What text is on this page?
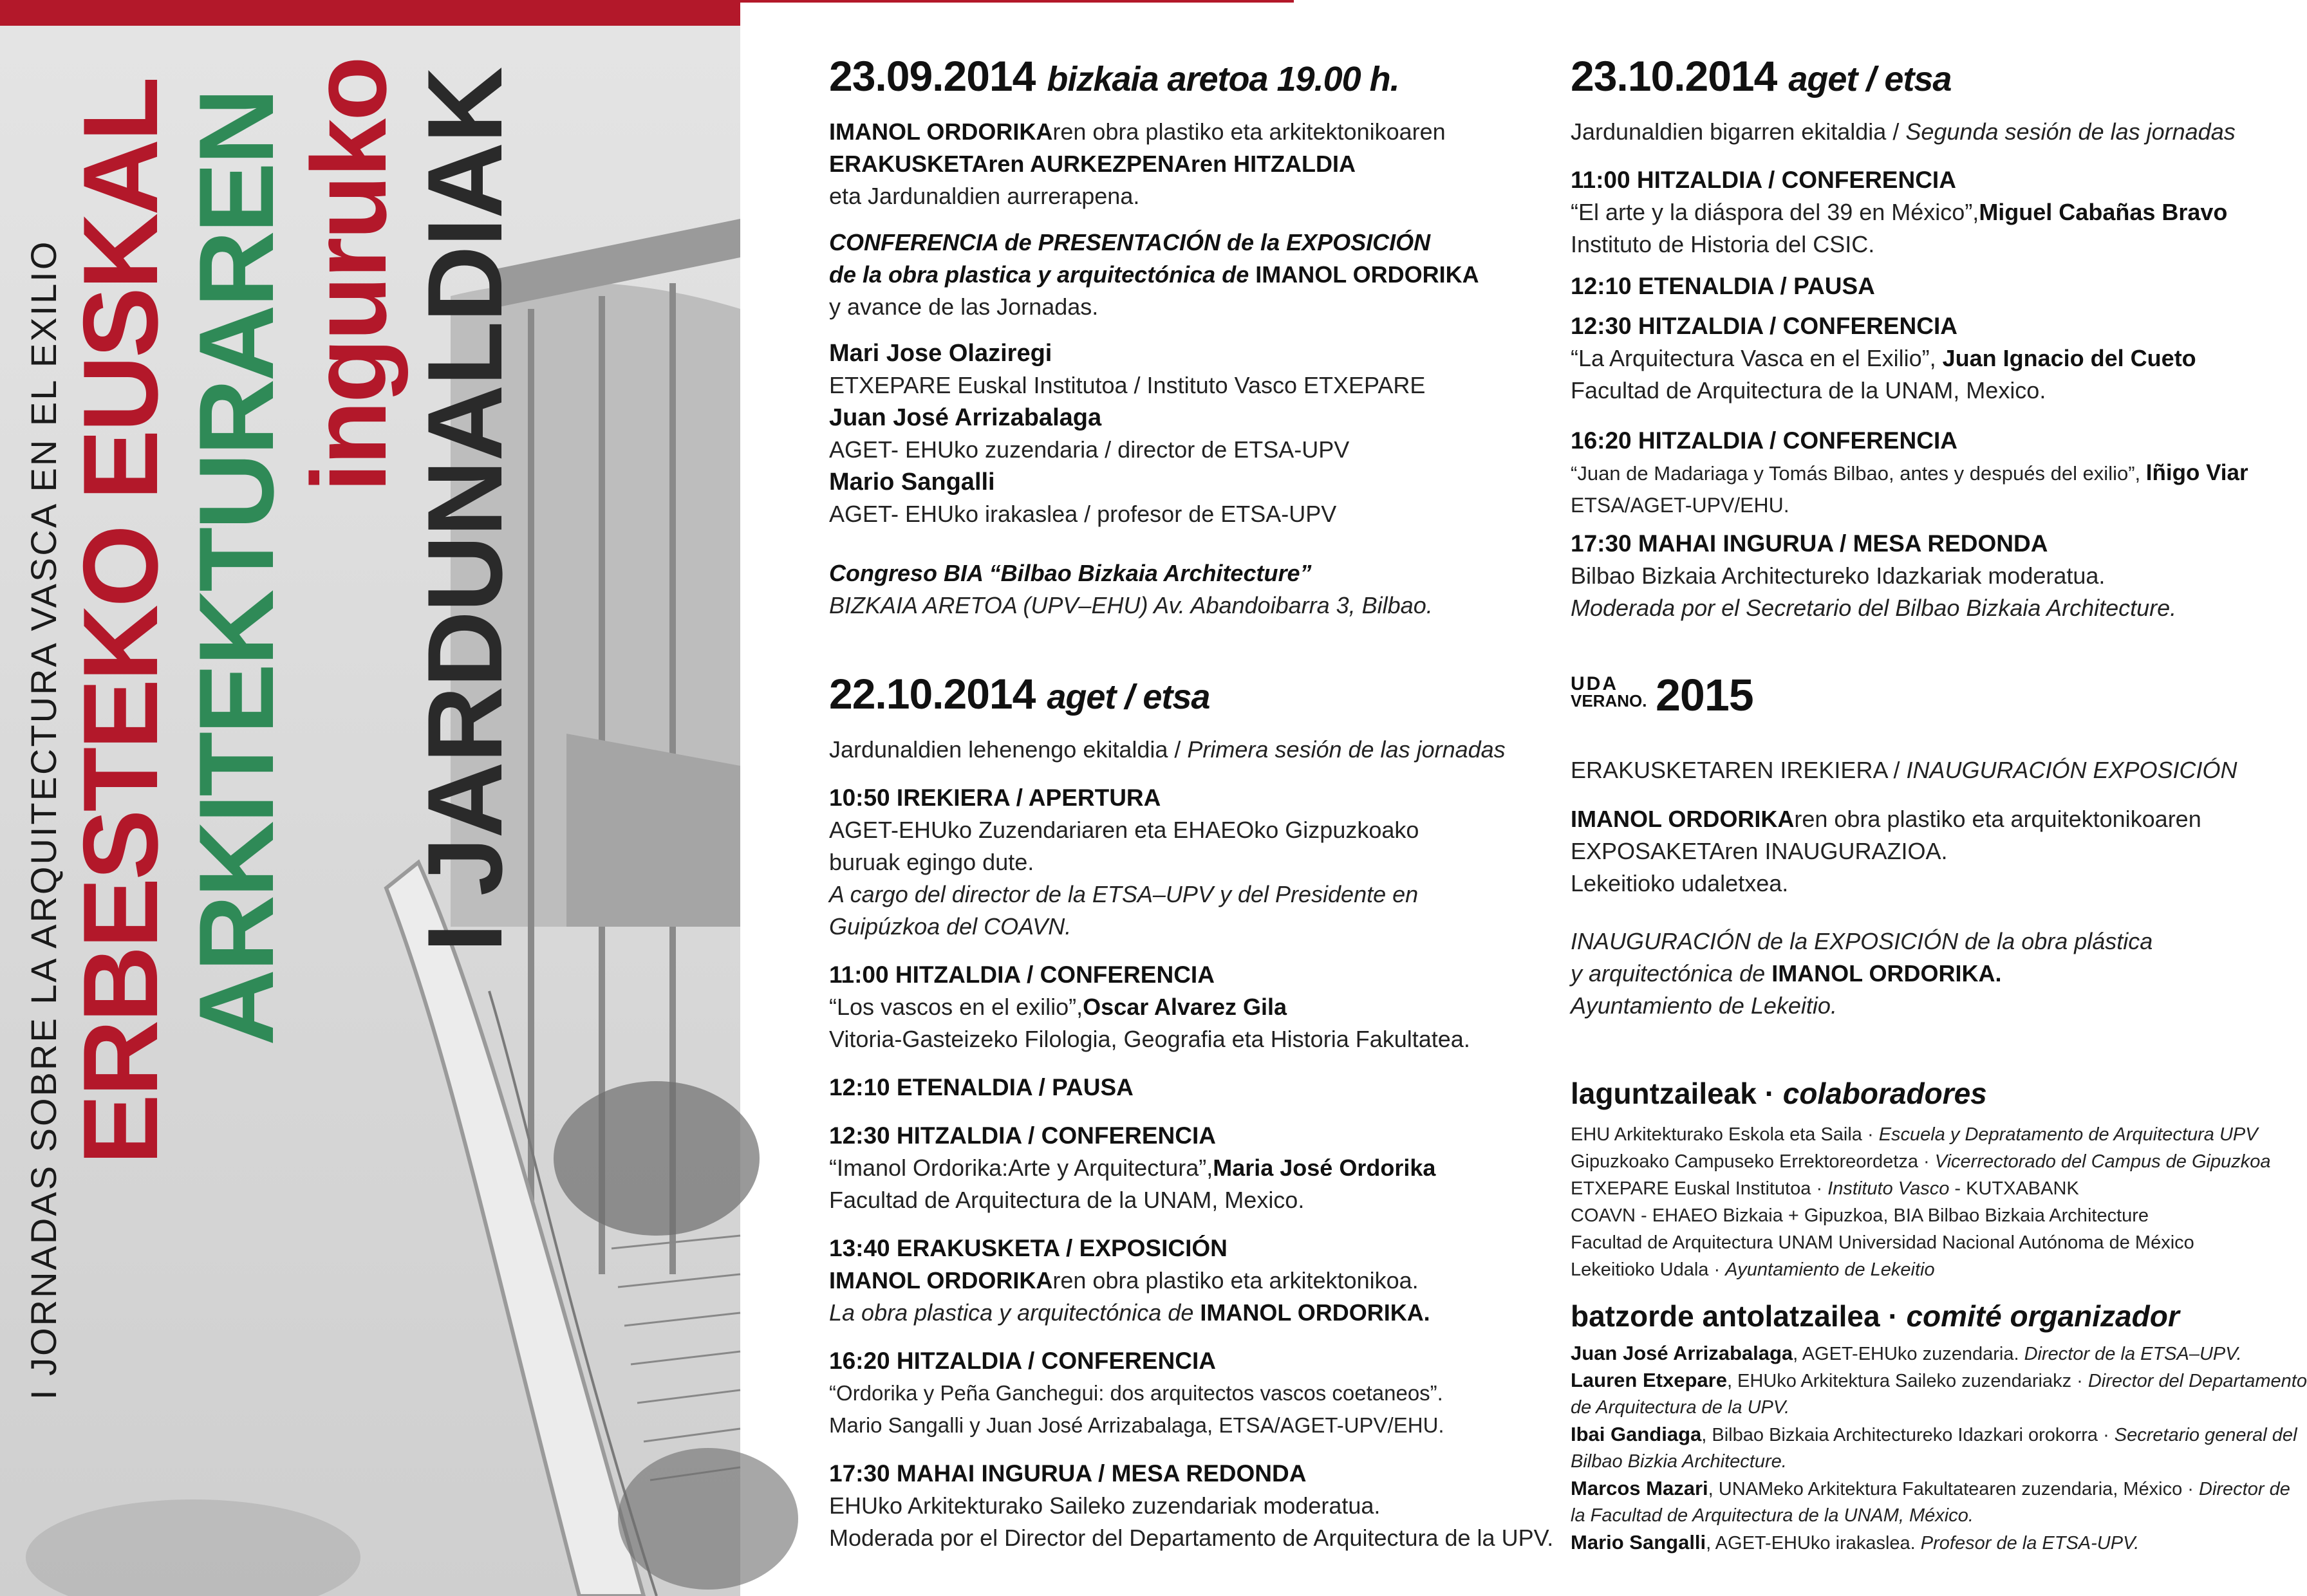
I JORNADAS SOBRE LA ARQUITECTURA VASCA EN EL EXILIO
ERBESTEKO EUSKAL
ARKITEKTURAREN
inguruko
I JARDUNALDIAK	23.09.2014 bizkaia aretoa 19.00 h.
IMANOL ORDORIKAren obra plastiko eta arkitektonikoaren
ERAKUSKETAren AURKEZPENAren HITZALDIA
eta Jardunaldien aurrerapena.
CONFERENCIA de PRESENTACIÓN de la EXPOSICIÓN
de la obra plastica y arquitectónica de IMANOL ORDORIKA
y avance de las Jornadas.
Mari Jose Olaziregi
ETXEPARE Euskal Institutoa / Instituto Vasco ETXEPARE
Juan José Arrizabalaga
AGET- EHUko zuzendaria / director de ETSA-UPV
Mario Sangalli
AGET- EHUko irakaslea / profesor de ETSA-UPV
Congreso BIA “Bilbao Bizkaia Architecture”
BIZKAIA ARETOA (UPV–EHU) Av. Abandoibarra 3, Bilbao.
22.10.2014 aget / etsa
Jardunaldien lehenengo ekitaldia / Primera sesión de las jornadas
10:50 IREKIERA / APERTURA
AGET-EHUko Zuzendariaren eta EHAEOko Gizpuzkoako
buruak egingo dute.
A cargo del director de la ETSA–UPV y del Presidente en
Guipúzkoa del COAVN.
11:00 HITZALDIA / CONFERENCIA
“Los vascos en el exilio”,Oscar Alvarez Gila
Vitoria-Gasteizeko Filologia, Geografia eta Historia Fakultatea.
12:10 ETENALDIA / PAUSA
12:30 HITZALDIA / CONFERENCIA
“Imanol Ordorika:Arte y Arquitectura”,Maria José Ordorika
Facultad de Arquitectura de la UNAM, Mexico.
13:40 ERAKUSKETA / EXPOSICIÓN
IMANOL ORDORIKAren obra plastiko eta arkitektonikoa.
La obra plastica y arquitectónica de IMANOL ORDORIKA.
16:20 HITZALDIA / CONFERENCIA
“Ordorika y Peña Ganchegui: dos arquitectos vascos coetaneos”.
Mario Sangalli y Juan José Arrizabalaga, ETSA/AGET-UPV/EHU.
17:30 MAHAI INGURUA / MESA REDONDA
EHUko Arkitekturako Saileko zuzendariak moderatua.
Moderada por el Director del Departamento de Arquitectura de la UPV.
23.10.2014 aget / etsa
Jardunaldien bigarren ekitaldia / Segunda sesión de las jornadas
11:00 HITZALDIA / CONFERENCIA
“El arte y la diáspora del 39 en México”,Miguel Cabañas Bravo
Instituto de Historia del CSIC.
12:10 ETENALDIA / PAUSA
12:30 HITZALDIA / CONFERENCIA
“La Arquitectura Vasca en el Exilio”, Juan Ignacio del Cueto
Facultad de Arquitectura de la UNAM, Mexico.
16:20 HITZALDIA / CONFERENCIA
“Juan de Madariaga y Tomás Bilbao, antes y después del exilio”, Iñigo Viar
ETSA/AGET-UPV/EHU.
17:30 MAHAI INGURUA / MESA REDONDA
Bilbao Bizkaia Architectureko Idazkariak moderatua.
Moderada por el Secretario del Bilbao Bizkaia Architecture.
UDA
VERANO. 2015
ERAKUSKETAREN IREKIERA / INAUGURACIÓN EXPOSICIÓN
IMANOL ORDORIKAren obra plastiko eta arquitektonikoaren
EXPOSAKETAren INAUGURAZIOA.
Lekeitioko udaletxea.
INAUGURACIÓN de la EXPOSICIÓN de la obra plástica
y arquitectónica de IMANOL ORDORIKA.
Ayuntamiento de Lekeitio.
laguntzaileak · colaboradores
EHU Arkitekturako Eskola eta Saila · Escuela y Depratamento de Arquitectura UPV
Gipuzkoako Campuseko Errektoreordetza · Vicerrectorado del Campus de Gipuzkoa
ETXEPARE Euskal Institutoa · Instituto Vasco - KUTXABANK
COAVN - EHAEO Bizkaia + Gipuzkoa, BIA Bilbao Bizkaia Architecture
Facultad de Arquitectura UNAM Universidad Nacional Autónoma de México
Lekeitioko Udala · Ayuntamiento de Lekeitio
batzorde antolatzailea · comité organizador
Juan José Arrizabalaga, AGET-EHUko zuzendaria. Director de la ETSA–UPV.
Lauren Etxepare, EHUko Arkitektura Saileko zuzendariakz · Director del Departamento
de Arquitectura de la UPV.
Ibai Gandiaga, Bilbao Bizkaia Architectureko Idazkari orokorra · Secretario general del
Bilbao Bizkia Architecture.
Marcos Mazari, UNAMeko Arkitektura Fakultatearen zuzendaria, México · Director de
la Facultad de Arquitectura de la UNAM, México.
Mario Sangalli, AGET-EHUko irakaslea. Profesor de la ETSA-UPV.
